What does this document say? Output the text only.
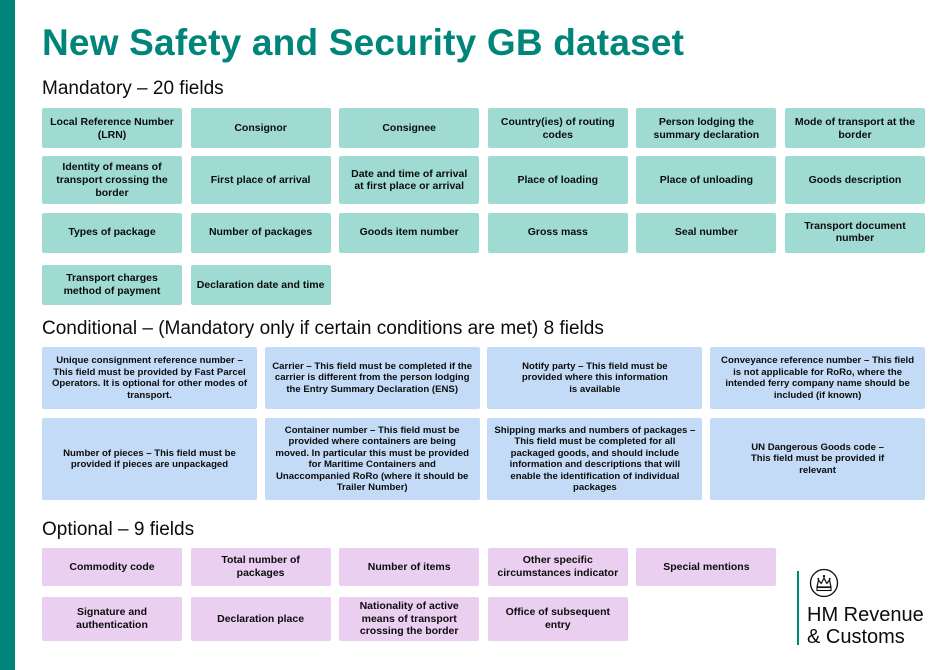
New Safety and Security GB dataset
Mandatory – 20 fields
Local Reference Number (LRN)
Consignor	Consignee	Country(ies) of routing codes
Person lodging the summary declaration
Mode of transport at the border
Identity of means of transport crossing the border
First place of arrival
Date and time of arrival at first place or arrival
Place of loading	Place of unloading	Goods description
Types of package	Number of packages	Goods item number	Gross mass	Seal number
Transport document number
Transport charges method of payment
Declaration date and time
Conditional – (Mandatory only if certain conditions are met) 8 fields
Unique consignment reference number – This field must be provided by Fast Parcel Operators. It is optional for other modes of transport.
Carrier – This field must be completed if the carrier is different from the person lodging the Entry Summary Declaration (ENS)
Notify party – This field must be provided where this information is available
Conveyance reference number – This field is not applicable for RoRo, where the intended ferry company name should be included (if known)
Number of pieces – This field must be provided if pieces are unpackaged
Container number – This field must be provided where containers are being moved. In particular this must be provided for Maritime Containers and Unaccompanied RoRo (where it should be Trailer Number)
Shipping marks and numbers of packages – This field must be completed for all packaged goods, and should include information and descriptions that will enable the identification of individual packages
UN Dangerous Goods code – This field must be provided if relevant
Optional – 9 fields
Commodity code
Total number of packages
Number of items
Other specific circumstances indicator
Special mentions
Signature and authentication
Declaration place
Nationality of active means of transport crossing the border
Office of subsequent entry	HM Revenue
& Customs
